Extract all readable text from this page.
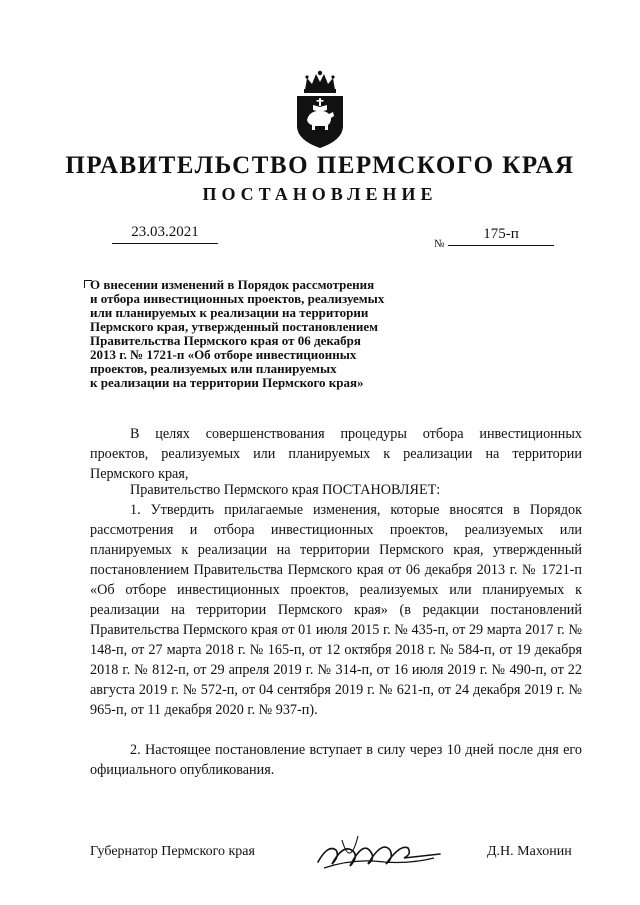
ПРАВИТЕЛЬСТВО ПЕРМСКОГО КРАЯ
ПОСТАНОВЛЕНИЕ
23.03.2021
№
175-п
О внесении изменений в Порядок рассмотрения
и отбора инвестиционных проектов, реализуемых
или планируемых к реализации на территории
Пермского края, утвержденный постановлением
Правительства Пермского края от 06 декабря
2013 г. № 1721-п «Об отборе инвестиционных
проектов, реализуемых или планируемых
к реализации на территории Пермского края»

В целях совершенствования процедуры отбора инвестиционных проектов, реализуемых или планируемых к реализации на территории Пермского края,

Правительство Пермского края ПОСТАНОВЛЯЕТ:

1. Утвердить прилагаемые изменения, которые вносятся в Порядок рассмотрения и отбора инвестиционных проектов, реализуемых или планируемых к реализации на территории Пермского края, утвержденный постановлением Правительства Пермского края от 06 декабря 2013 г. № 1721-п «Об отборе инвестиционных проектов, реализуемых или планируемых к реализации на территории Пермского края» (в редакции постановлений Правительства Пермского края от 01 июля 2015 г. № 435-п, от 29 марта 2017 г. № 148-п, от 27 марта 2018 г. № 165-п, от 12 октября 2018 г. № 584-п, от 19 декабря 2018 г. № 812-п, от 29 апреля 2019 г. № 314-п, от 16 июля 2019 г. № 490-п, от 22 августа 2019 г. № 572-п, от 04 сентября 2019 г. № 621-п, от 24 декабря 2019 г. № 965-п, от 11 декабря 2020 г. № 937-п).

2. Настоящее постановление вступает в силу через 10 дней после дня его официального опубликования.

Губернатор Пермского края	Д.Н. Махонин
